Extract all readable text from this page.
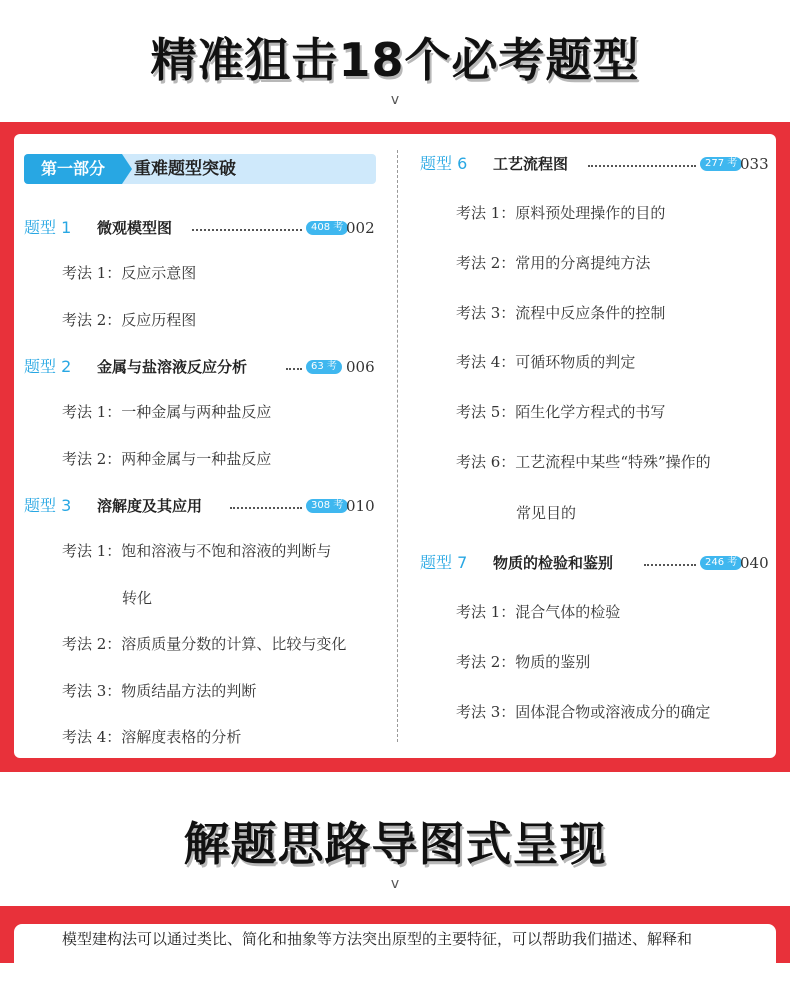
精准狙击18个必考题型
v
第一部分	重难题型突破
题型 1 微观模型图	408 考 002
考法 1：反应示意图
考法 2：反应历程图
题型 2 金属与盐溶液反应分析	63 考 006
考法 1：一种金属与两种盐反应
考法 2：两种金属与一种盐反应
题型 3 溶解度及其应用	308 考 010
考法 1：饱和溶液与不饱和溶液的判断与
转化
考法 2：溶质质量分数的计算、比较与变化
考法 3：物质结晶方法的判断
考法 4：溶解度表格的分析
题型 6 工艺流程图	277 考 033
考法 1：原料预处理操作的目的
考法 2：常用的分离提纯方法
考法 3：流程中反应条件的控制
考法 4：可循环物质的判定
考法 5：陌生化学方程式的书写
考法 6：工艺流程中某些“特殊”操作的
常见目的
题型 7 物质的检验和鉴别	246 考 040
考法 1：混合气体的检验
考法 2：物质的鉴别
考法 3：固体混合物或溶液成分的确定
解题思路导图式呈现
v
模型建构法可以通过类比、简化和抽象等方法突出原型的主要特征，可以帮助我们描述、解释和
